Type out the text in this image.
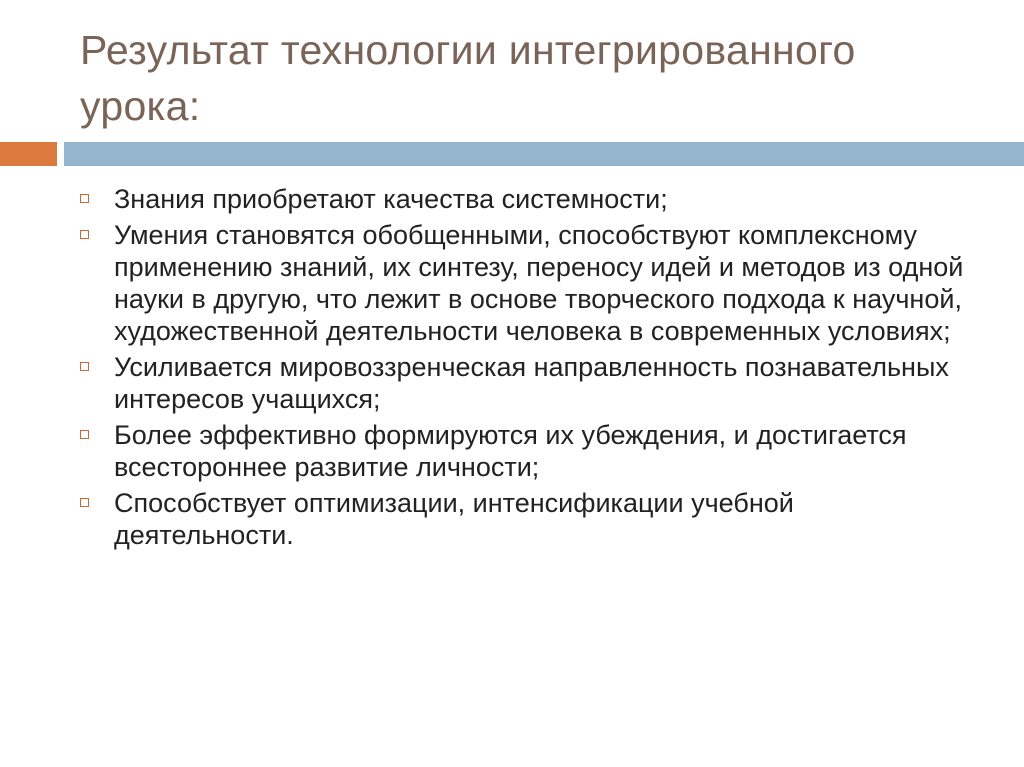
Результат технологии интегрированного урока:
Знания приобретают качества системности;
Умения становятся обобщенными, способствуют комплексному применению знаний, их синтезу, переносу идей и методов из одной науки в другую, что лежит в основе творческого подхода к научной, художественной деятельности человека в современных условиях;
Усиливается мировоззренческая направленность познавательных интересов учащихся;
Более эффективно формируются их убеждения, и достигается всестороннее развитие личности;
Способствует оптимизации, интенсификации учебной деятельности.
